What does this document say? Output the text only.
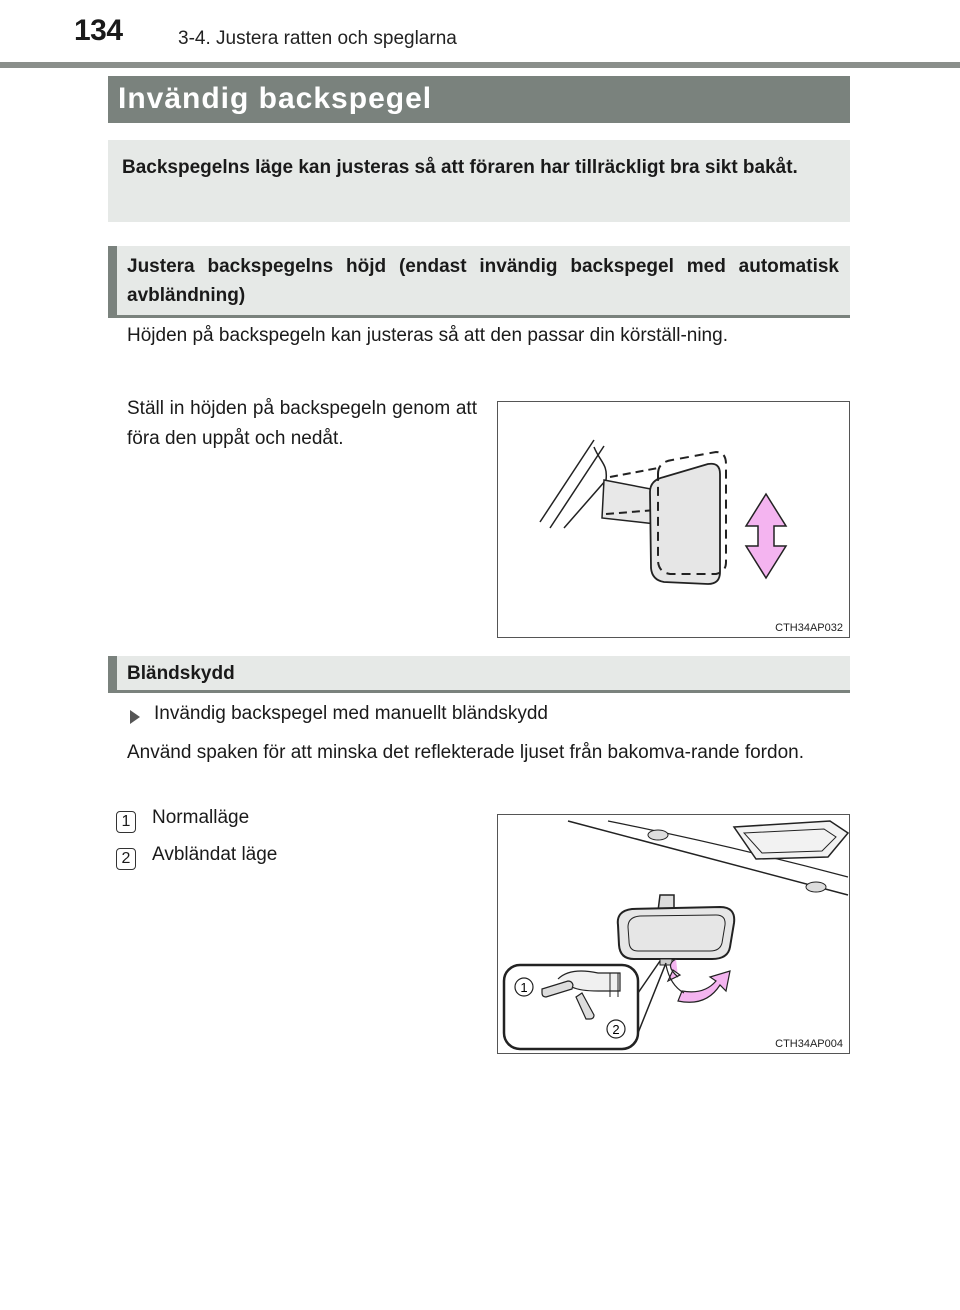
134	3-4. Justera ratten och speglarna
Invändig backspegel

Backspegelns läge kan justeras så att föraren har tillräckligt bra sikt bakåt.

Justera backspegelns höjd (endast invändig backspegel med automatisk avbländning)

Höjden på backspegeln kan justeras så att den passar din körställ-ning.
Ställ in höjden på backspegeln genom att föra den uppåt och nedåt.
CTH34AP032

Bländskydd

Invändig backspegel med manuellt bländskydd
Använd spaken för att minska det reflekterade ljuset från bakomva-rande fordon.
1 Normalläge
2 Avbländat läge
1
2
CTH34AP004
